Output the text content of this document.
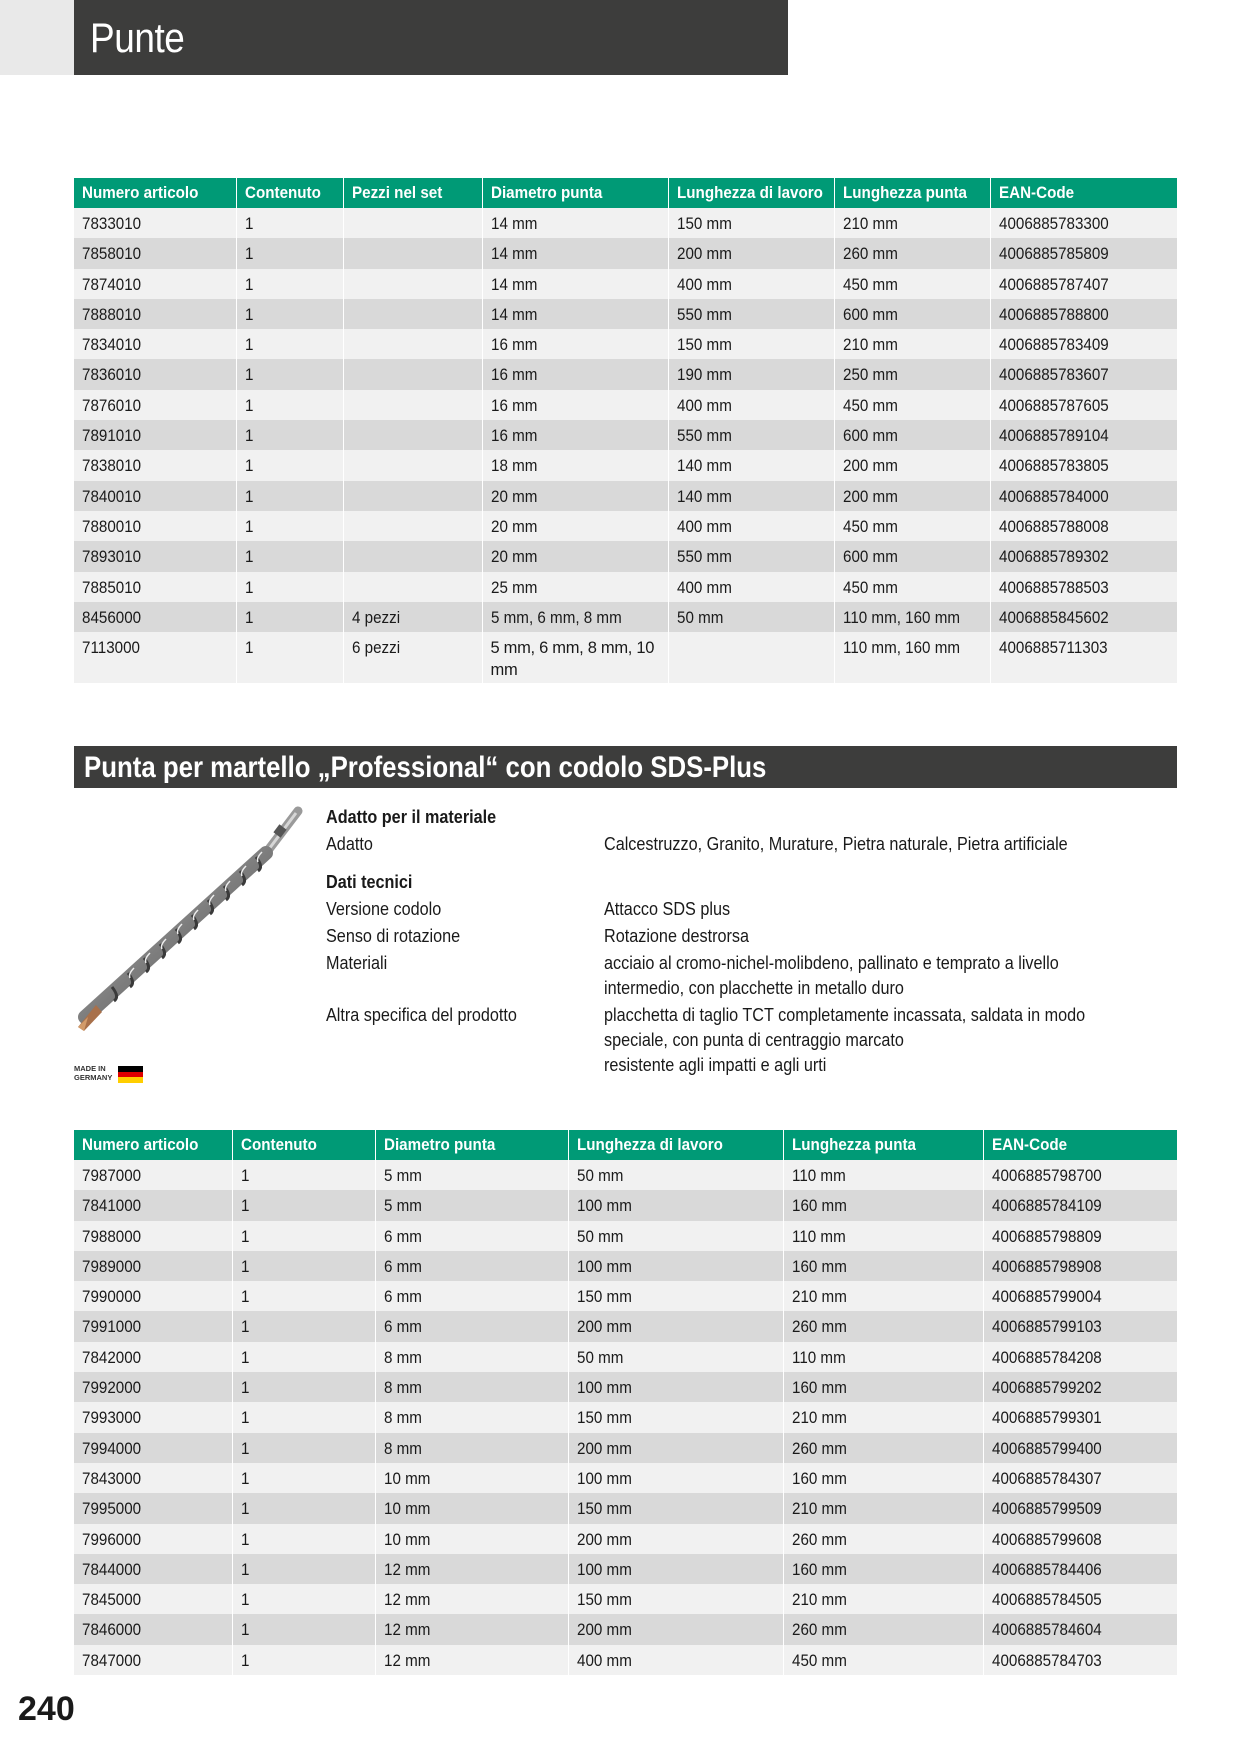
Punte
Numero articolo	Contenuto	Pezzi nel set	Diametro punta	Lunghezza di lavoro	Lunghezza punta	EAN-Code
7833010	1		14 mm	150 mm	210 mm	4006885783300
7858010	1		14 mm	200 mm	260 mm	4006885785809
7874010	1		14 mm	400 mm	450 mm	4006885787407
7888010	1		14 mm	550 mm	600 mm	4006885788800
7834010	1		16 mm	150 mm	210 mm	4006885783409
7836010	1		16 mm	190 mm	250 mm	4006885783607
7876010	1		16 mm	400 mm	450 mm	4006885787605
7891010	1		16 mm	550 mm	600 mm	4006885789104
7838010	1		18 mm	140 mm	200 mm	4006885783805
7840010	1		20 mm	140 mm	200 mm	4006885784000
7880010	1		20 mm	400 mm	450 mm	4006885788008
7893010	1		20 mm	550 mm	600 mm	4006885789302
7885010	1		25 mm	400 mm	450 mm	4006885788503
8456000	1	4 pezzi	5 mm, 6 mm, 8 mm	50 mm	110 mm, 160 mm	4006885845602
7113000	1	6 pezzi	5 mm, 6 mm, 8 mm, 10 mm		110 mm, 160 mm	4006885711303
Punta per martello „Professional“ con codolo SDS-Plus
MADE IN
GERMANY
Adatto per il materiale
Adatto	Calcestruzzo, Granito, Murature, Pietra naturale, Pietra artificiale
Dati tecnici
Versione codolo	Attacco SDS plus
Senso di rotazione	Rotazione destrorsa
Materiali	acciaio al cromo-nichel-molibdeno, pallinato e temprato a livello
intermedio, con placchette in metallo duro
Altra specifica del prodotto	placchetta di taglio TCT completamente incassata, saldata in modo
speciale, con punta di centraggio marcato
resistente agli impatti e agli urti
Numero articolo	Contenuto	Diametro punta	Lunghezza di lavoro	Lunghezza punta	EAN-Code
7987000	1	5 mm	50 mm	110 mm	4006885798700
7841000	1	5 mm	100 mm	160 mm	4006885784109
7988000	1	6 mm	50 mm	110 mm	4006885798809
7989000	1	6 mm	100 mm	160 mm	4006885798908
7990000	1	6 mm	150 mm	210 mm	4006885799004
7991000	1	6 mm	200 mm	260 mm	4006885799103
7842000	1	8 mm	50 mm	110 mm	4006885784208
7992000	1	8 mm	100 mm	160 mm	4006885799202
7993000	1	8 mm	150 mm	210 mm	4006885799301
7994000	1	8 mm	200 mm	260 mm	4006885799400
7843000	1	10 mm	100 mm	160 mm	4006885784307
7995000	1	10 mm	150 mm	210 mm	4006885799509
7996000	1	10 mm	200 mm	260 mm	4006885799608
7844000	1	12 mm	100 mm	160 mm	4006885784406
7845000	1	12 mm	150 mm	210 mm	4006885784505
7846000	1	12 mm	200 mm	260 mm	4006885784604
7847000	1	12 mm	400 mm	450 mm	4006885784703
240
